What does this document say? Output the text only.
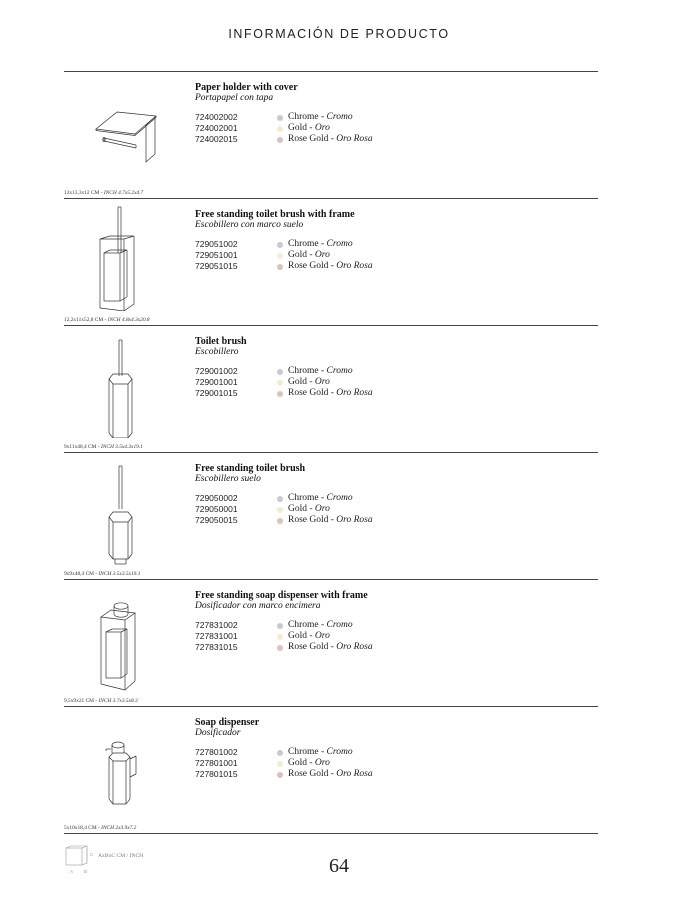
INFORMACIÓN DE PRODUCTO
12x13,3x12 CM - INCH 4.7x5.2x4.7
Paper holder with cover
Portapapel con tapa
724002002	Chrome - Cromo
724002001	Gold - Oro
724002015	Rose Gold - Oro Rosa
12,2x11x52,8 CM - INCH 4.8x4.3x20.8
Free standing toilet brush with frame
Escobillero con marco suelo
729051002	Chrome - Cromo
729051001	Gold - Oro
729051015	Rose Gold - Oro Rosa
9x11x48,4 CM - INCH 3.5x4.3x19.1
Toilet brush
Escobillero
729001002	Chrome - Cromo
729001001	Gold - Oro
729001015	Rose Gold - Oro Rosa
9x9x48,4 CM - INCH 3.5x3.5x19.1
Free standing toilet brush
Escobillero suelo
729050002	Chrome - Cromo
729050001	Gold - Oro
729050015	Rose Gold - Oro Rosa
9,5x9x21 CM - INCH 3.7x3.5x8.3
Free standing soap dispenser with frame
Dosificador con marco encimera
727831002	Chrome - Cromo
727831001	Gold - Oro
727831015	Rose Gold - Oro Rosa
5x10x18,4 CM - INCH 2x3.9x7.2
Soap dispenser
Dosificador
727801002	Chrome - Cromo
727801001	Gold - Oro
727801015	Rose Gold - Oro Rosa
A B
C AxBxC CM / INCH	64
